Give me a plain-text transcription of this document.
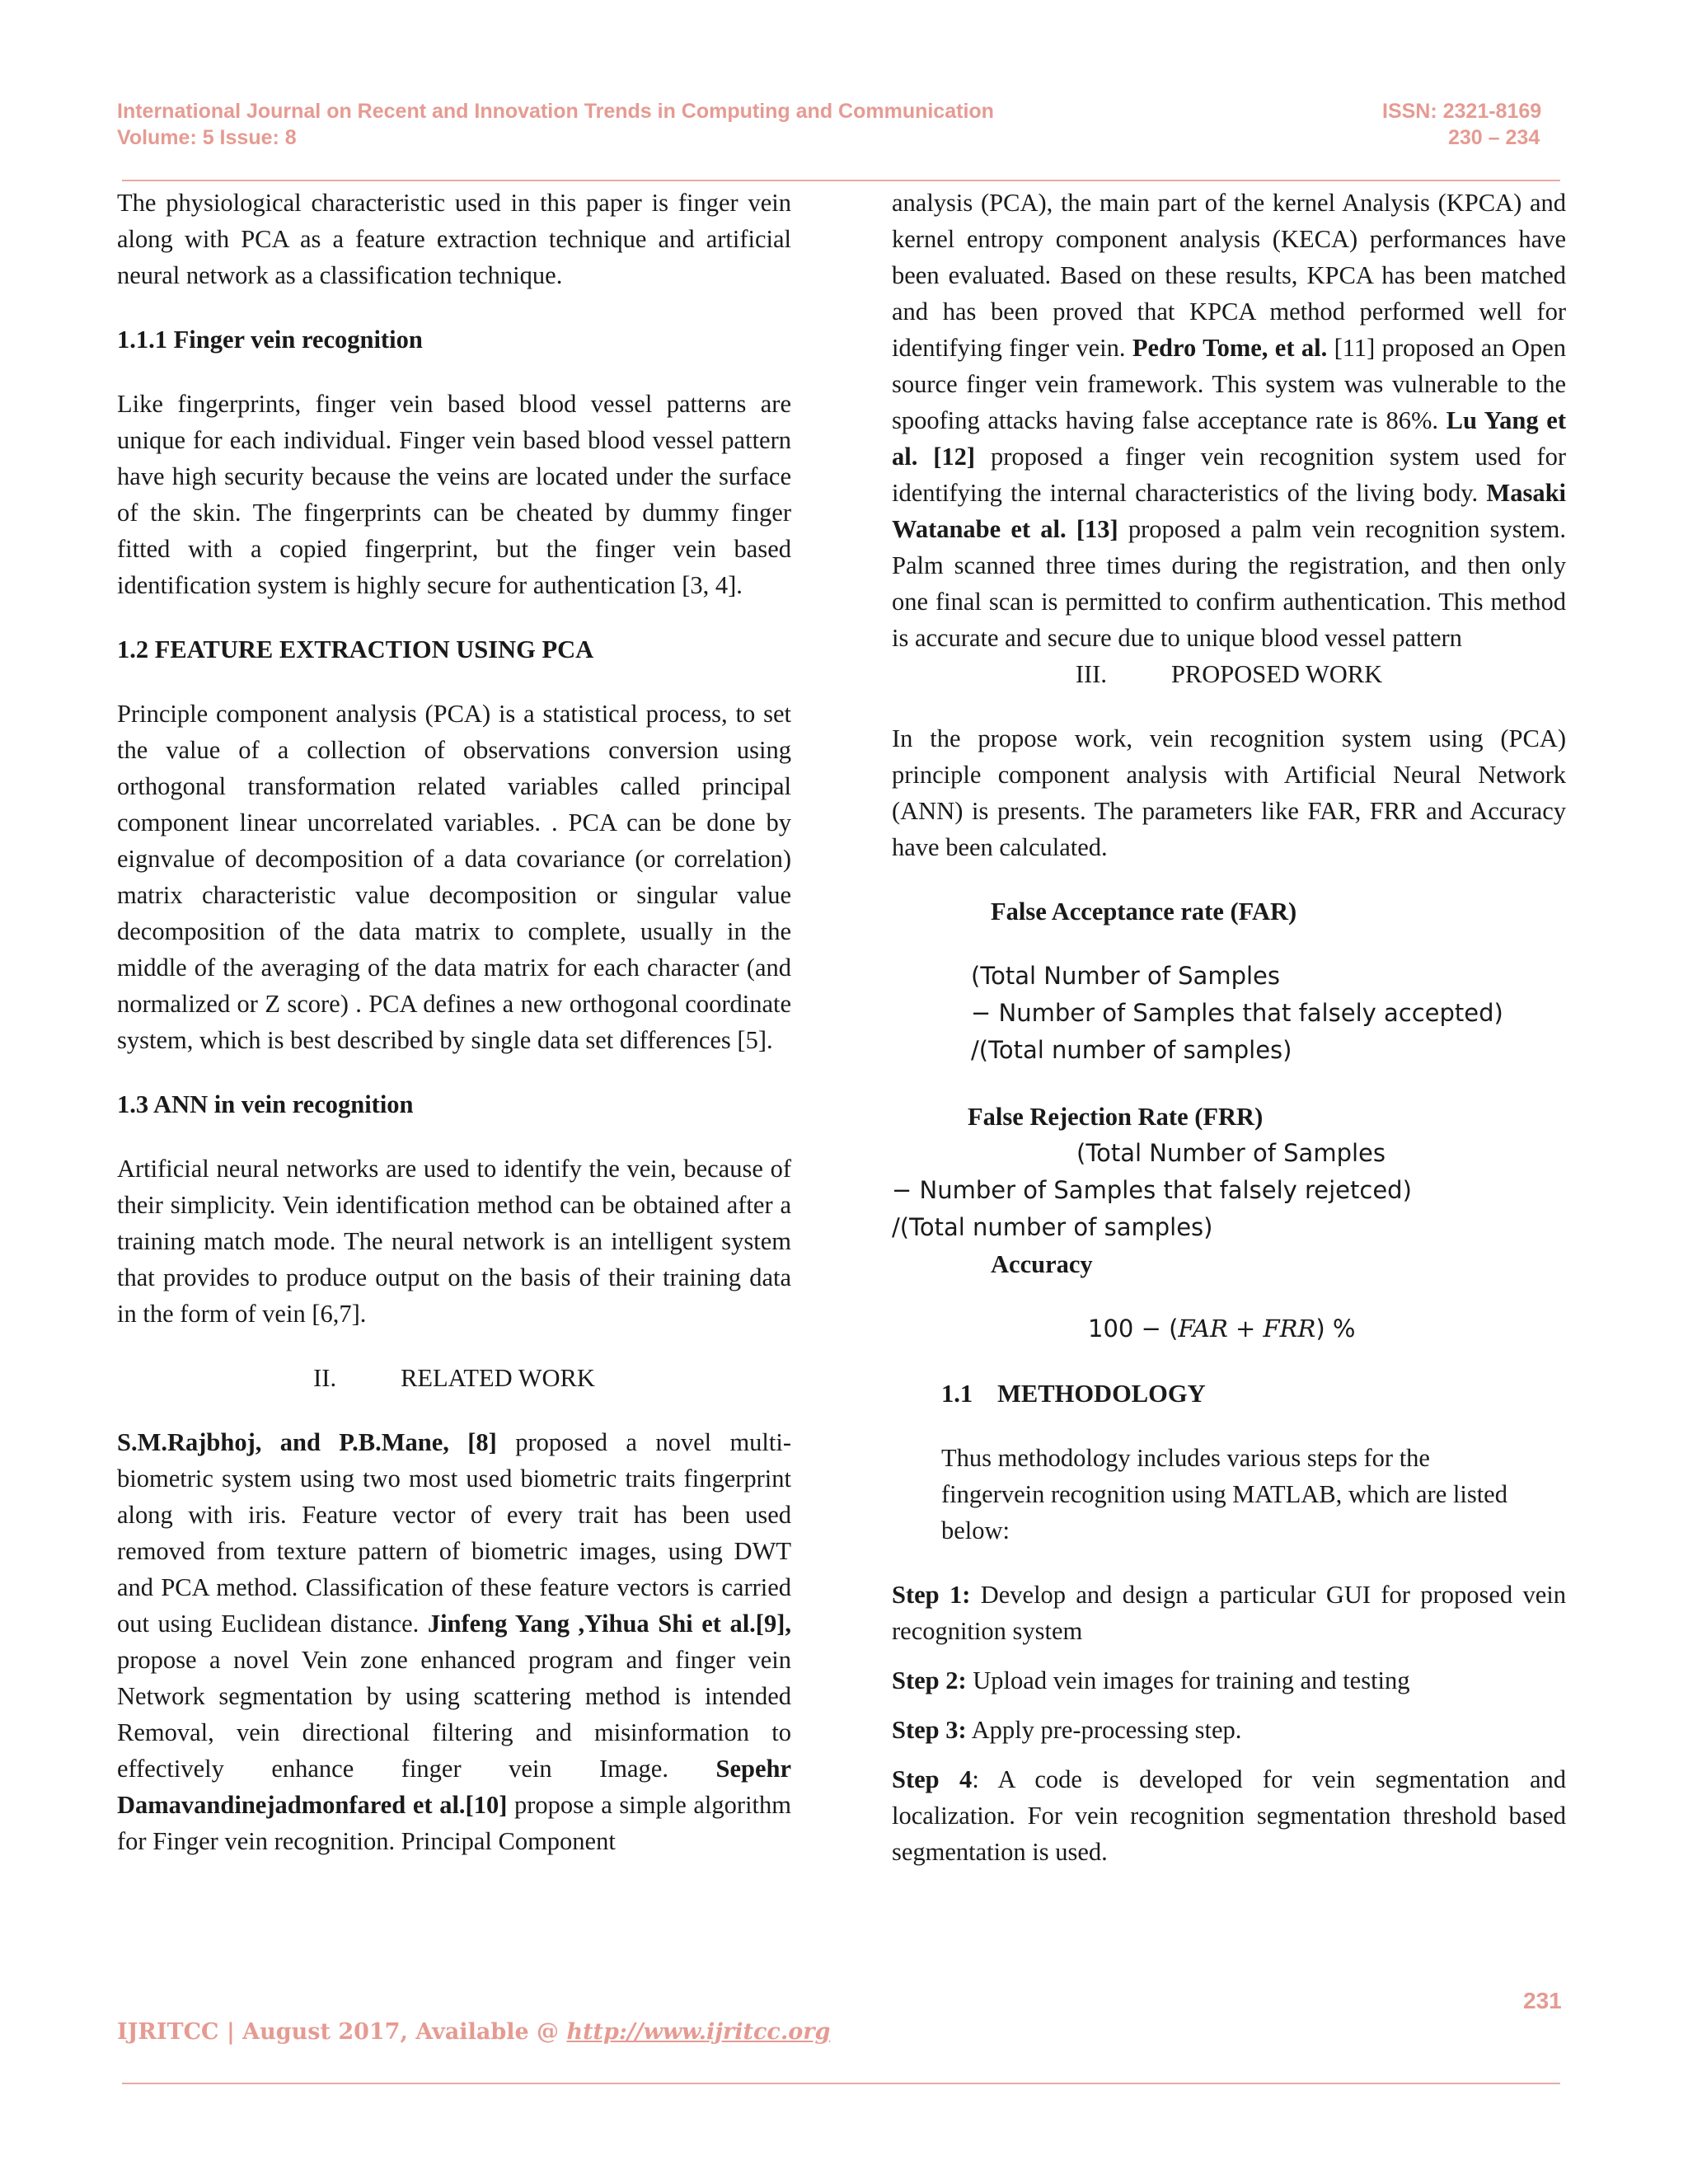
International Journal on Recent and Innovation Trends in Computing and Communication
Volume: 5 Issue: 8
ISSN: 2321-8169
230 – 234

The physiological characteristic used in this paper is finger vein along with PCA as a feature extraction technique and artificial neural network as a classification technique.

1.1.1 Finger vein recognition

Like fingerprints, finger vein based blood vessel patterns are unique for each individual. Finger vein based blood vessel pattern have high security because the veins are located under the surface of the skin. The fingerprints can be cheated by dummy finger fitted with a copied fingerprint, but the finger vein based identification system is highly secure for authentication [3, 4].

1.2 FEATURE EXTRACTION USING PCA

Principle component analysis (PCA) is a statistical process, to set the value of a collection of observations conversion using orthogonal transformation related variables called principal component linear uncorrelated variables. . PCA can be done by eignvalue of decomposition of a data covariance (or correlation) matrix characteristic value decomposition or singular value decomposition of the data matrix to complete, usually in the middle of the averaging of the data matrix for each character (and normalized or Z score) . PCA defines a new orthogonal coordinate system, which is best described by single data set differences [5].

1.3 ANN in vein recognition

Artificial neural networks are used to identify the vein, because of their simplicity. Vein identification method can be obtained after a training match mode. The neural network is an intelligent system that provides to produce output on the basis of their training data in the form of vein [6,7].

II.	RELATED WORK

S.M.Rajbhoj, and P.B.Mane, [8] proposed a novel multi-biometric system using two most used biometric traits fingerprint along with iris. Feature vector of every trait has been used removed from texture pattern of biometric images, using DWT and PCA method. Classification of these feature vectors is carried out using Euclidean distance. Jinfeng Yang ,Yihua Shi et al.[9], propose a novel Vein zone enhanced program and finger vein Network segmentation by using scattering method is intended Removal, vein directional filtering and misinformation to effectively enhance finger vein Image. Sepehr Damavandinejadmonfared et al.[10] propose a simple algorithm for Finger vein recognition. Principal Component

analysis (PCA), the main part of the kernel Analysis (KPCA) and kernel entropy component analysis (KECA) performances have been evaluated. Based on these results, KPCA has been matched and has been proved that KPCA method performed well for identifying finger vein. Pedro Tome, et al. [11] proposed an Open source finger vein framework. This system was vulnerable to the spoofing attacks having false acceptance rate is 86%. Lu Yang et al. [12] proposed a finger vein recognition system used for identifying the internal characteristics of the living body. Masaki Watanabe et al. [13] proposed a palm vein recognition system. Palm scanned three times during the registration, and then only one final scan is permitted to confirm authentication. This method is accurate and secure due to unique blood vessel pattern

III.	PROPOSED WORK

In the propose work, vein recognition system using (PCA) principle component analysis with Artificial Neural Network (ANN) is presents. The parameters like FAR, FRR and Accuracy have been calculated.

False Acceptance rate (FAR)

(Total Number of Samples
− Number of Samples that falsely accepted)
/(Total number of samples)

False Rejection Rate (FRR)

(Total Number of Samples
− Number of Samples that falsely rejetced)
/(Total number of samples)

Accuracy

100 − (FAR + FRR) %
1.1 METHODOLOGY

Thus methodology includes various steps for the fingervein recognition using MATLAB, which are listed below:

Step 1: Develop and design a particular GUI for proposed vein recognition system

Step 2: Upload vein images for training and testing

Step 3: Apply pre-processing step.

Step 4: A code is developed for vein segmentation and localization. For vein recognition segmentation threshold based segmentation is used.

231
IJRITCC | August 2017, Available @ http://www.ijritcc.org
